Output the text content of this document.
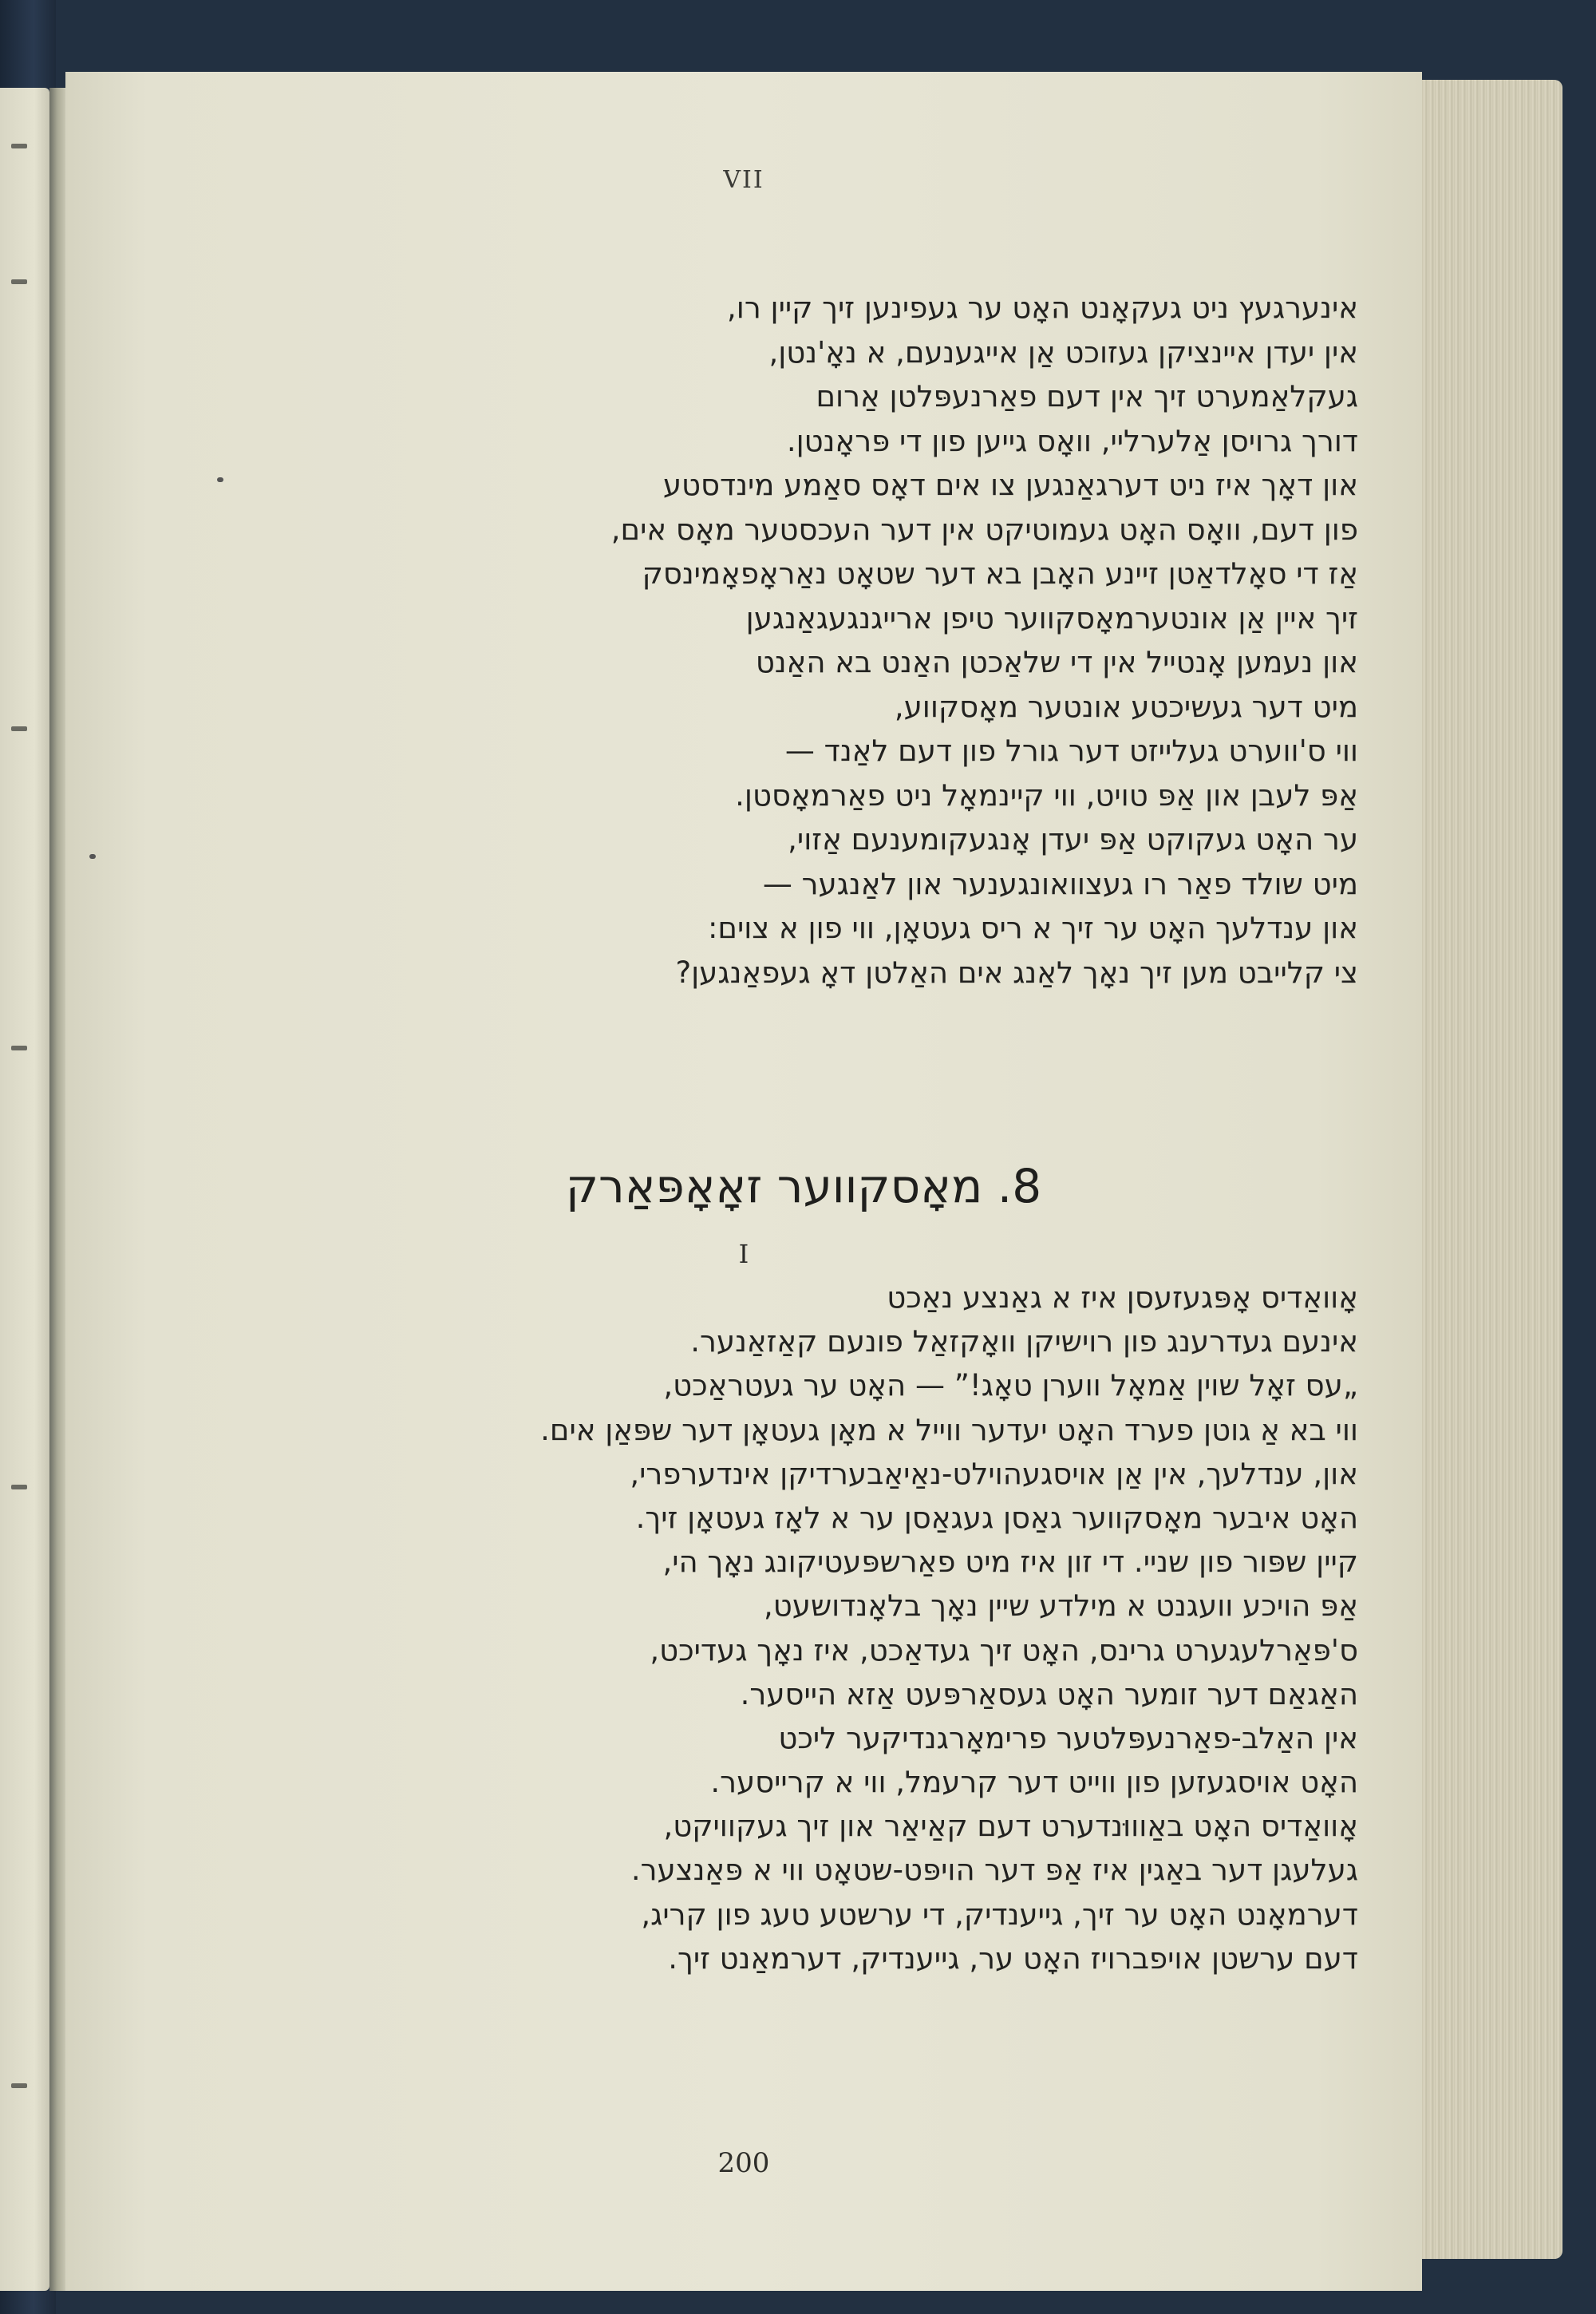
VII
אינערגעץ ניט געקאָנט האָט ער געפינען זיך קיין רו,
אין יעדן איינציקן געזוכט אַן אייגענעם, א נאָ'נטן,
געקלאַמערט זיך אין דעם פאַרנעפּלטן אַרום
דורך גרויסן אַלערליי, וואָס גייען פון די פּראָנטן.
און דאָך איז ניט דערגאַנגען צו אים דאָס סאַמע מינדסטע
פון דעם, וואָס האָט געמוטיקט אין דער העכסטער מאָס אים,
אַז די סאָלדאַטן זיינע האָבן בא דער שטאָט נאַראָפאָמינסק
זיך איין אַן אונטערמאָסקווער טיפן ארייגנגעגאַנגען
און נעמען אָנטייל אין די שלאַכטן האַנט בא האַנט
מיט דער געשיכטע אונטער מאָסקווע,
ווי ס'ווערט געלייזט דער גורל פון דעם לאַנד —
אַפּ לעבן און אַפּ טויט, ווי קיינמאָל ניט פאַרמאָסטן.
ער האָט געקוקט אַפּ יעדן אָנגעקומענעם אַזוי,
מיט שולד פאַר רו געצוואונגענער און לאַנגער —
און ענדלעך האָט ער זיך א ריס געטאָן, ווי פון א צוים:
צי קלייבט מען זיך נאָך לאַנג אים האַלטן דאָ געפאַנגען?
8. מאָסקווער זאָאָפּאַרק
I
אָוואַדיס אָפּגעזעסן איז א גאַנצע נאַכט
אינעם געדרענג פון רוישיקן וואָקזאַל פונעם קאַזאַנער.
„עס זאָל שוין אַמאָל ווערן טאָג!” — האָט ער געטראַכט,
ווי בא אַ גוטן פערד האָט יעדער ווייל א מאָן געטאָן דער שפּאַן אים.
און, ענדלעך, אין אַן אויסגעהוילט-נאַיאַבערדיקן אינדערפרי,
האָט איבער מאָסקווער גאַסן געגאַסן ער א לאָז געטאָן זיך.
קיין שפּור פון שניי. די זון איז מיט פאַרשפּעטיקונג נאָך הי,
אַפּ הויכע וועגנט א מילדע שיין נאָך בלאָנדושעט,
ס'פּאַרלעגערט גרינס, האָט זיך געדאַכט, איז נאָך געדיכט,
האַגאַם דער זומער האָט געסאַרפּעט אַזא הייסער.
אין האַלב-פאַרנעפּלטער פרימאָרגנדיקער ליכט
האָט אויסגעזען פון ווייט דער קרעמל, ווי א קרייסער.
אָוואַדיס האָט באַוווּנדערט דעם קאַיאַר און זיך געקוויקט,
געלעגן דער באַגין איז אַפּ דער הויפּט-שטאָט ווי א פּאַנצער.
דערמאָנט האָט ער זיך, גייענדיק, די ערשטע טעג פון קריג,
דעם ערשטן אויפברויז האָט ער, גייענדיק, דערמאַנט זיך.
200
